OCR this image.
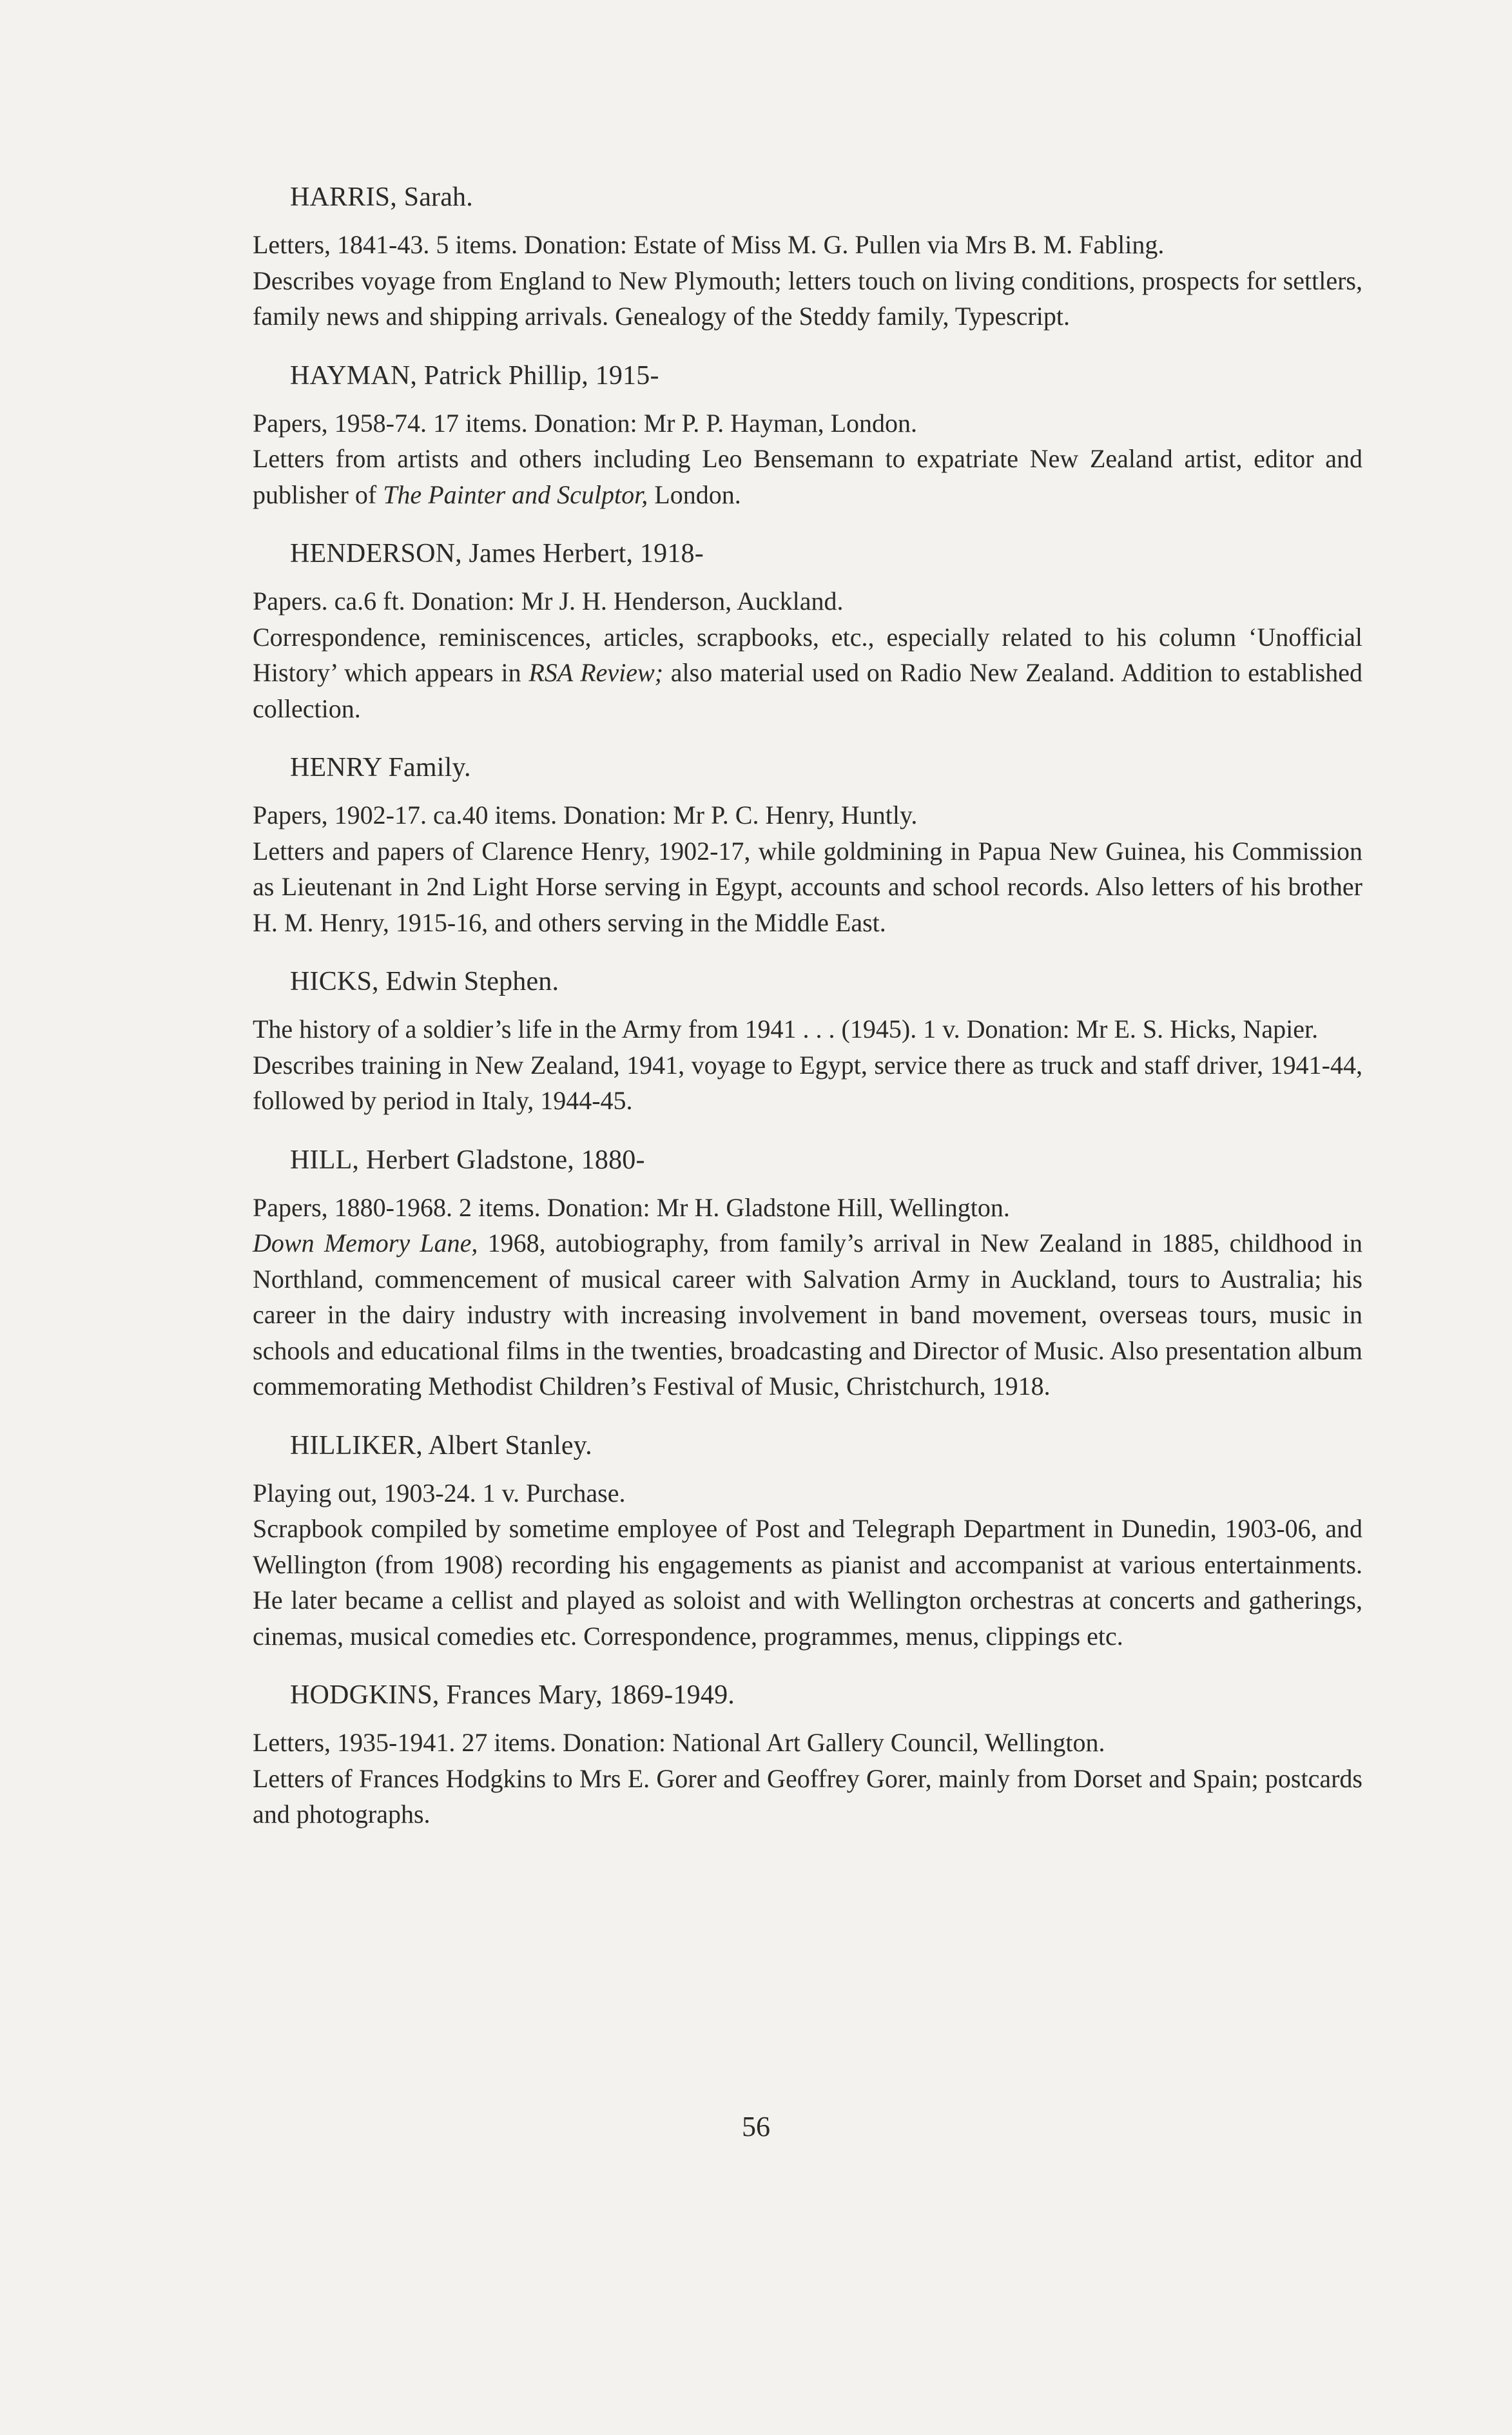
HARRIS, Sarah.

Letters, 1841-43. 5 items. Donation: Estate of Miss M. G. Pullen via Mrs B. M. Fabling.

Describes voyage from England to New Plymouth; letters touch on living conditions, prospects for settlers, family news and shipping arrivals. Genealogy of the Steddy family, Typescript.

HAYMAN, Patrick Phillip, 1915-

Papers, 1958-74. 17 items. Donation: Mr P. P. Hayman, London.

Letters from artists and others including Leo Bensemann to expatriate New Zealand artist, editor and publisher of The Painter and Sculptor, London.

HENDERSON, James Herbert, 1918-

Papers. ca.6 ft. Donation: Mr J. H. Henderson, Auckland.

Correspondence, reminiscences, articles, scrapbooks, etc., especially related to his column ‘Unofficial History’ which appears in RSA Review; also material used on Radio New Zealand. Addition to established collection.

HENRY Family.

Papers, 1902-17. ca.40 items. Donation: Mr P. C. Henry, Huntly.

Letters and papers of Clarence Henry, 1902-17, while goldmining in Papua New Guinea, his Commission as Lieutenant in 2nd Light Horse serving in Egypt, accounts and school records. Also letters of his brother H. M. Henry, 1915-16, and others serving in the Middle East.

HICKS, Edwin Stephen.

The history of a soldier’s life in the Army from 1941 . . . (1945). 1 v. Donation: Mr E. S. Hicks, Napier.

Describes training in New Zealand, 1941, voyage to Egypt, service there as truck and staff driver, 1941-44, followed by period in Italy, 1944-45.

HILL, Herbert Gladstone, 1880-

Papers, 1880-1968. 2 items. Donation: Mr H. Gladstone Hill, Wellington.

Down Memory Lane, 1968, autobiography, from family’s arrival in New Zealand in 1885, childhood in Northland, commencement of musical career with Salvation Army in Auckland, tours to Australia; his career in the dairy industry with increasing involvement in band movement, overseas tours, music in schools and educational films in the twenties, broadcasting and Director of Music. Also presentation album commemorating Methodist Children’s Festival of Music, Christchurch, 1918.

HILLIKER, Albert Stanley.

Playing out, 1903-24. 1 v. Purchase.

Scrapbook compiled by sometime employee of Post and Telegraph Department in Dunedin, 1903-06, and Wellington (from 1908) recording his engagements as pianist and accompanist at various entertainments. He later became a cellist and played as soloist and with Wellington orchestras at concerts and gatherings, cinemas, musical comedies etc. Correspondence, programmes, menus, clippings etc.

HODGKINS, Frances Mary, 1869-1949.

Letters, 1935-1941. 27 items. Donation: National Art Gallery Council, Wellington.

Letters of Frances Hodgkins to Mrs E. Gorer and Geoffrey Gorer, mainly from Dorset and Spain; postcards and photographs.

56
